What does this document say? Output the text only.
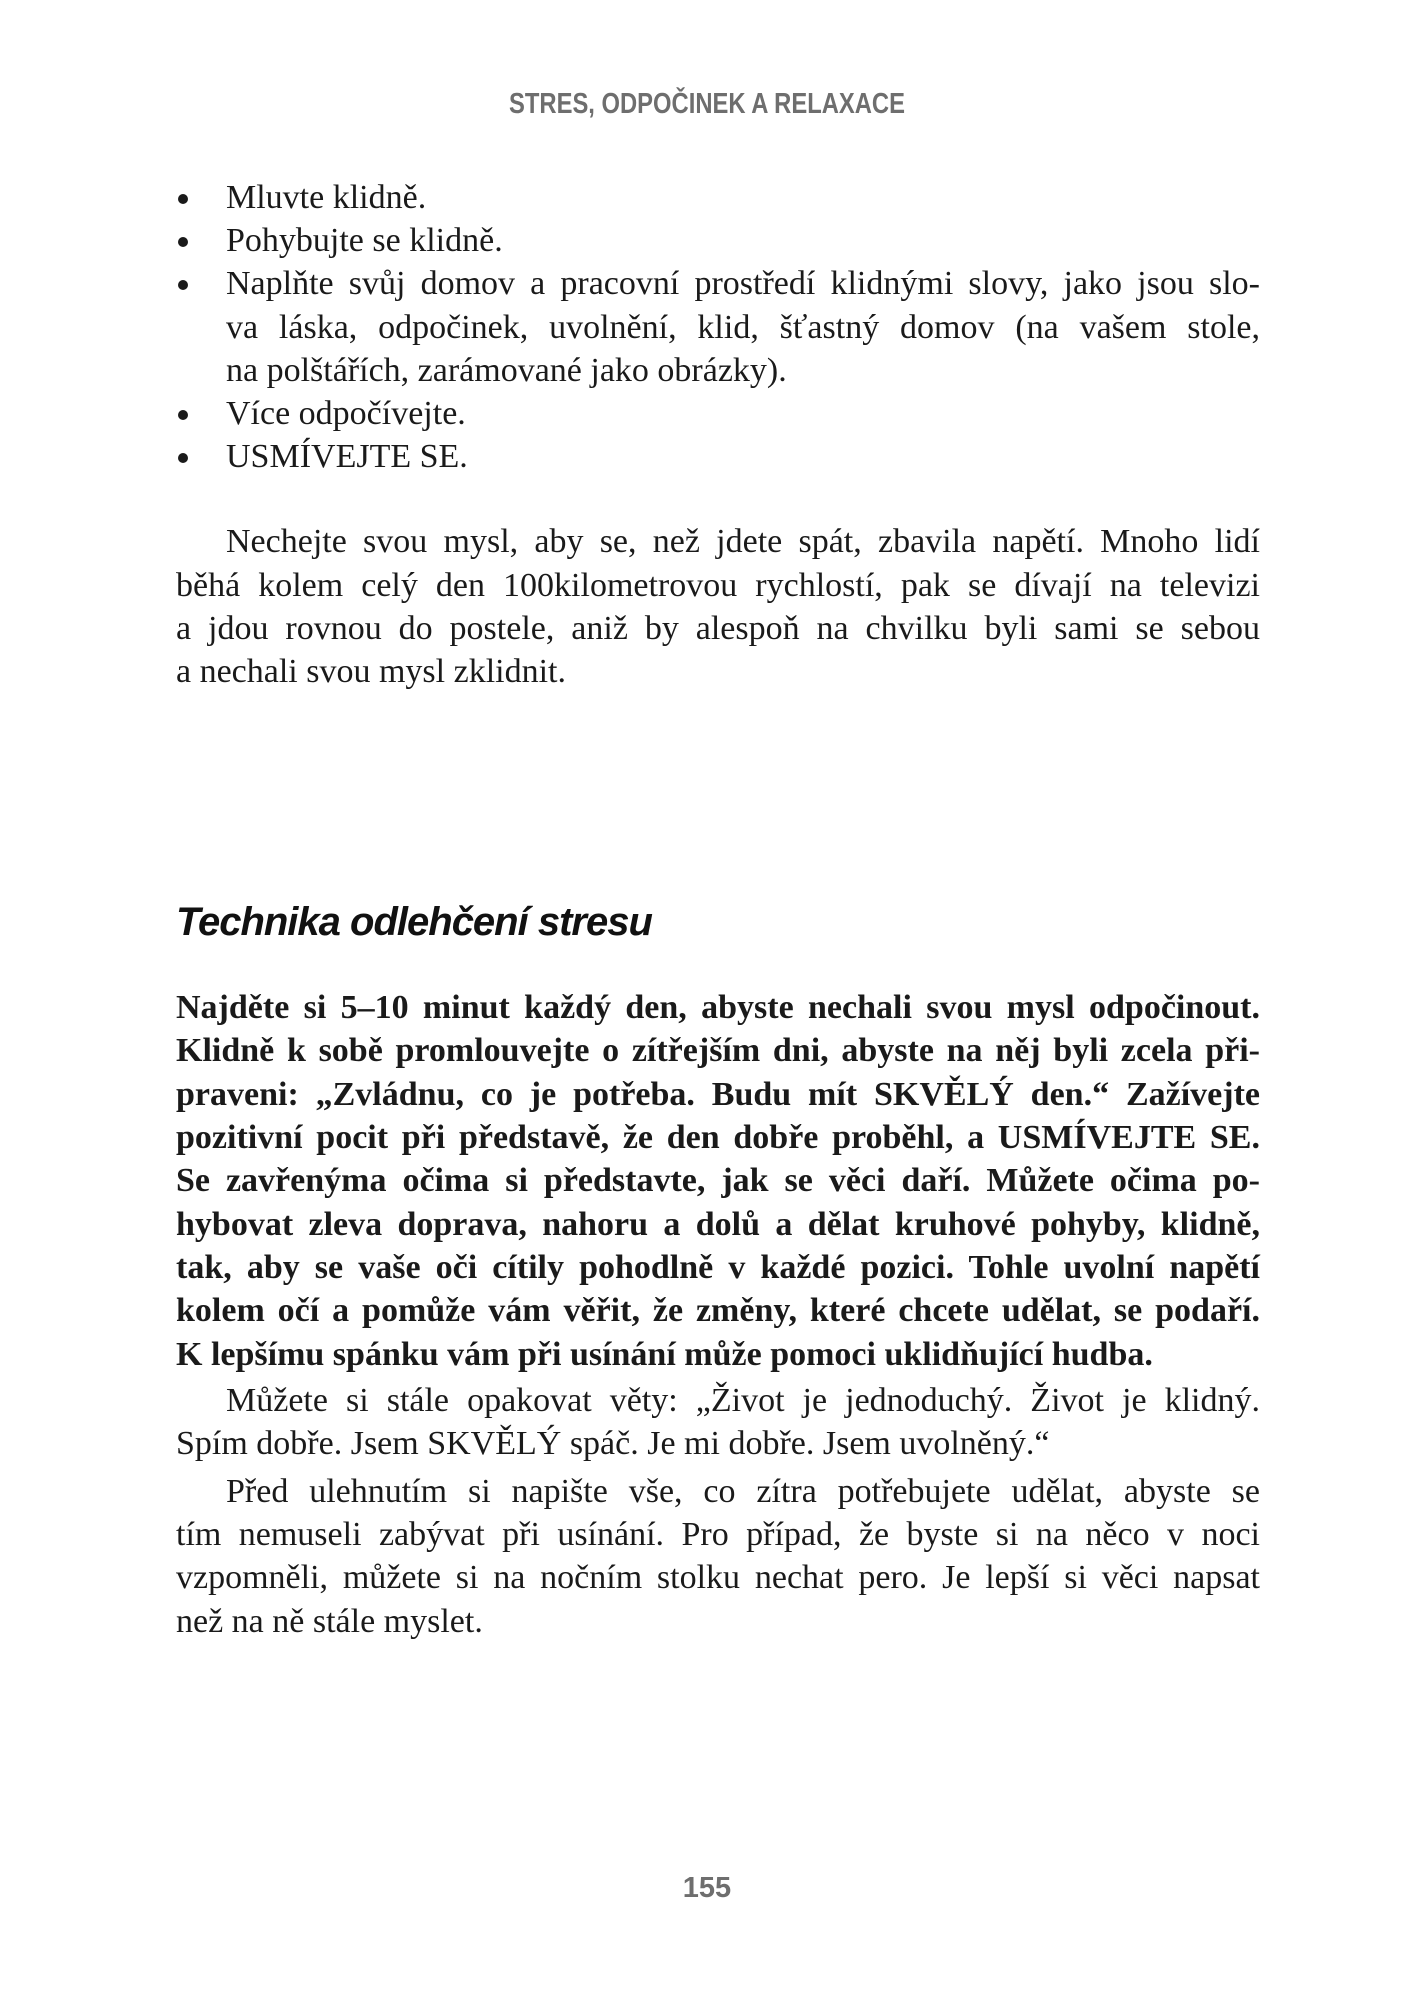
STRES, ODPOČINEK A RELAXACE
Mluvte klidně.
Pohybujte se klidně.
Naplňte svůj domov a pracovní prostředí klidnými slovy, jako jsou slo-
va láska, odpočinek, uvolnění, klid, šťastný domov (na vašem stole,
na polštářích, zarámované jako obrázky).
Více odpočívejte.
USMÍVEJTE SE.
Nechejte svou mysl, aby se, než jdete spát, zbavila napětí. Mnoho lidí
běhá kolem celý den 100kilometrovou rychlostí, pak se dívají na televizi
a jdou rovnou do postele, aniž by alespoň na chvilku byli sami se sebou
a nechali svou mysl zklidnit.
Technika odlehčení stresu
Najděte si 5–10 minut každý den, abyste nechali svou mysl odpočinout.
Klidně k sobě promlouvejte o zítřejším dni, abyste na něj byli zcela při-
praveni: „Zvládnu, co je potřeba. Budu mít SKVĚLÝ den.“ Zažívejte
pozitivní pocit při představě, že den dobře proběhl, a USMÍVEJTE SE.
Se zavřenýma očima si představte, jak se věci daří. Můžete očima po-
hybovat zleva doprava, nahoru a dolů a dělat kruhové pohyby, klidně,
tak, aby se vaše oči cítily pohodlně v každé pozici. Tohle uvolní napětí
kolem očí a pomůže vám věřit, že změny, které chcete udělat, se podaří.
K lepšímu spánku vám při usínání může pomoci uklidňující hudba.
Můžete si stále opakovat věty: „Život je jednoduchý. Život je klidný.
Spím dobře. Jsem SKVĚLÝ spáč. Je mi dobře. Jsem uvolněný.“
Před ulehnutím si napište vše, co zítra potřebujete udělat, abyste se
tím nemuseli zabývat při usínání. Pro případ, že byste si na něco v noci
vzpomněli, můžete si na nočním stolku nechat pero. Je lepší si věci napsat
než na ně stále myslet.
155
